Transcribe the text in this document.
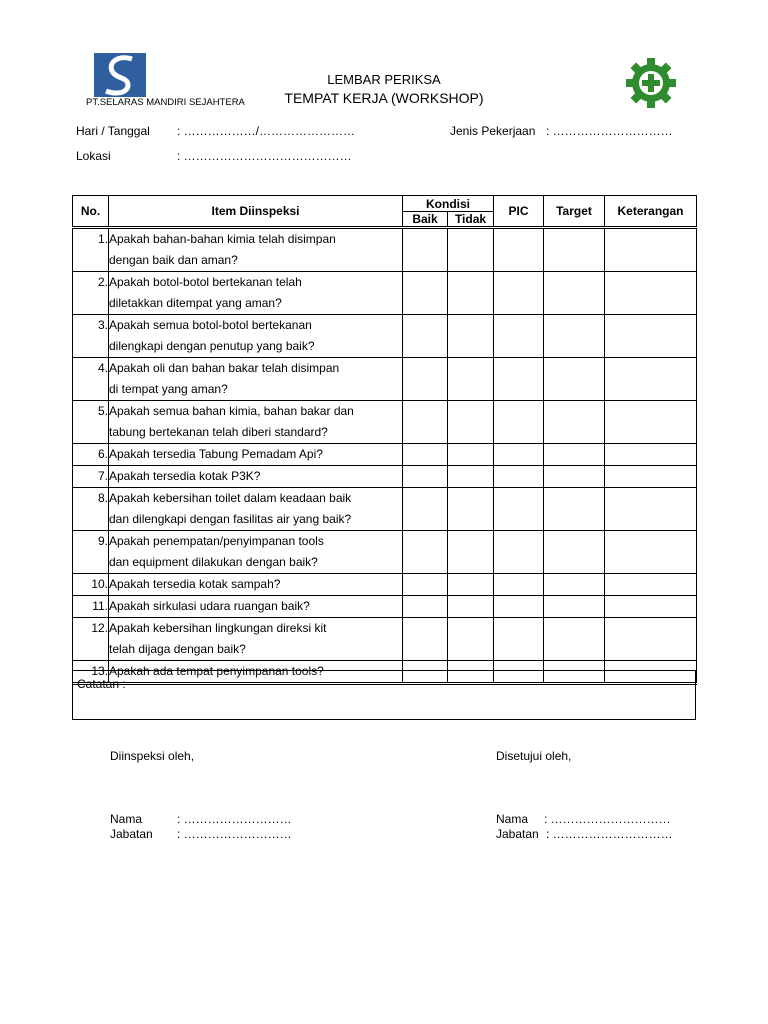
PT.SELARAS MANDIRI SEJAHTERA
LEMBAR PERIKSA
TEMPAT KERJA (WORKSHOP)
Hari / Tanggal : ………………/……………………	Jenis Pekerjaan : …………………………
Lokasi	: ……………………………………
No.	Item Diinspeksi	Kondisi		PIC	Target	Keterangan
		Baik	Tidak			
1.	Apakah bahan-bahan kimia telah disimpan
dengan baik dan aman?					

2.	Apakah botol-botol bertekanan telah
diletakkan ditempat yang aman?					

3.	Apakah semua botol-botol bertekanan
dilengkapi dengan penutup yang baik?					

4.	Apakah oli dan bahan bakar telah disimpan
di tempat yang aman?					

5.	Apakah semua bahan kimia, bahan bakar dan
tabung bertekanan telah diberi standard?					

6.	Apakah tersedia Tabung Pemadam Api?					

7.	Apakah tersedia kotak P3K?					

8.	Apakah kebersihan toilet dalam keadaan baik
dan dilengkapi dengan fasilitas air yang baik?					

9.	Apakah penempatan/penyimpanan tools
dan equipment dilakukan dengan baik?					

10.	Apakah tersedia kotak sampah?					

11.	Apakah sirkulasi udara ruangan baik?					

12.	Apakah kebersihan lingkungan direksi kit
telah dijaga dengan baik?					

13.	Apakah ada tempat penyimpanan tools?					

Catatan :
Diinspeksi oleh,	Disetujui oleh,
Nama	: ………………………
Jabatan : ………………………
Nama : …………………………
Jabatan : …………………………
